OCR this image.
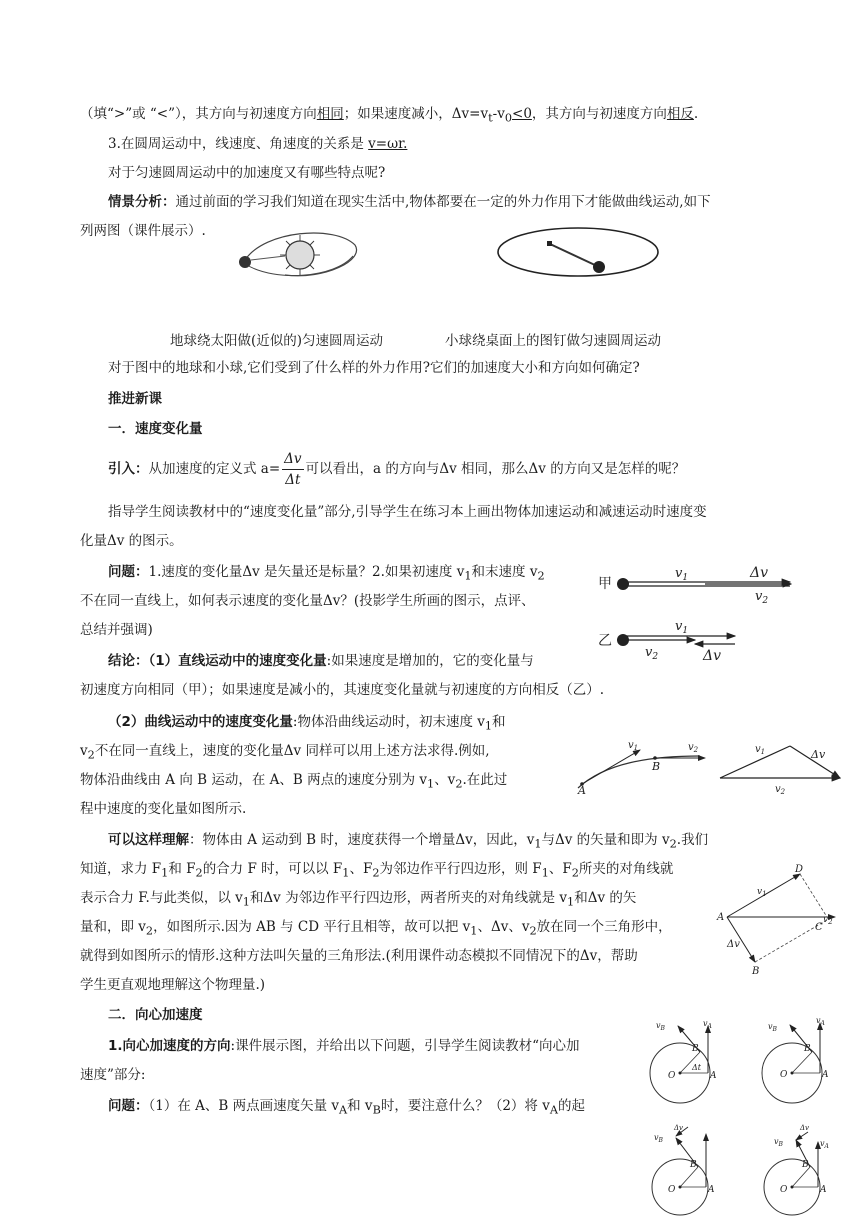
（填“>”或 “<”），其方向与初速度方向相同；如果速度减小，$\Delta v=v_t-v_0<0$，其方向与初速度方向相反.
3.在圆周运动中，线速度、角速度的关系是 v=ωr.
对于匀速圆周运动中的加速度又有哪些特点呢?
情景分析：通过前面的学习我们知道在现实生活中,物体都要在一定的外力作用下才能做曲线运动,如下
列两图（课件展示）.
地球绕太阳做(近似的)匀速圆周运动	小球绕桌面上的图钉做匀速圆周运动
对于图中的地球和小球,它们受到了什么样的外力作用?它们的加速度大小和方向如何确定?
推进新课
一．速度变化量
引入：从加速度的定义式 $a= \frac{\Delta v}{\Delta t}$ 可以看出，a 的方向与Δv 相同，那么Δv 的方向又是怎样的呢？
指导学生阅读教材中的“速度变化量”部分,引导学生在练习本上画出物体加速运动和减速运动时速度变
化量Δv 的图示。
问题：1.速度的变化量Δv 是矢量还是标量？2.如果初速度 $v_1$和末速度 $v_2$
不在同一直线上，如何表示速度的变化量Δv？(投影学生所画的图示，点评、
总结并强调)
结论：（1）直线运动中的速度变化量:如果速度是增加的，它的变化量与
初速度方向相同（甲）；如果速度是减小的，其速度变化量就与初速度的方向相反（乙）.
甲
$v_1$	Δv
$v_2$
乙
$v_1$
$v_2$	Δv
（2）曲线运动中的速度变化量:物体沿曲线运动时，初末速度 $v_1$和
$v_2$不在同一直线上，速度的变化量Δv 同样可以用上述方法求得.例如,
物体沿曲线由 A 向 B 运动，在 A、B 两点的速度分别为 $v_1$、$v_2$.在此过
程中速度的变化量如图所示.
A
B
$v_1$	$v_2$	$v_1$	Δv
$v_2$
可以这样理解：物体由 A 运动到 B 时，速度获得一个增量Δv，因此，$v_1$与Δv 的矢量和即为 $v_2$.我们
知道，求力 $F_1$和 $F_2$的合力 F 时，可以以 $F_1$、$F_2$为邻边作平行四边形，则 $F_1$、$F_2$所夹的对角线就
表示合力 F.与此类似，以 $v_1$和Δv 为邻边作平行四边形，两者所夹的对角线就是 $v_1$和Δv 的矢
量和，即 $v_2$，如图所示.因为 AB 与 CD 平行且相等，故可以把 $v_1$、Δv、$v_2$放在同一个三角形中，
就得到如图所示的情形.这种方法叫矢量的三角形法.(利用课件动态模拟不同情况下的Δv，帮助
学生更直观地理解这个物理量.)
A
D
B
C
$v_1$
$v_2$
Δv
二．向心加速度
1.向心加速度的方向:课件展示图，并给出以下问题，引导学生阅读教材“向心加
速度”部分:
问题：（1）在 A、B 两点画速度矢量 $v_A$和 $v_B$时，要注意什么？（2）将 $v_A$的起
O	A
B
Δt
$v_A$
$v_B$
O	A
B
$v_A$
$v_B$
O	A
B
Δv
$v_B$
O	A
B
Δv
$v_A$
$v_B$
